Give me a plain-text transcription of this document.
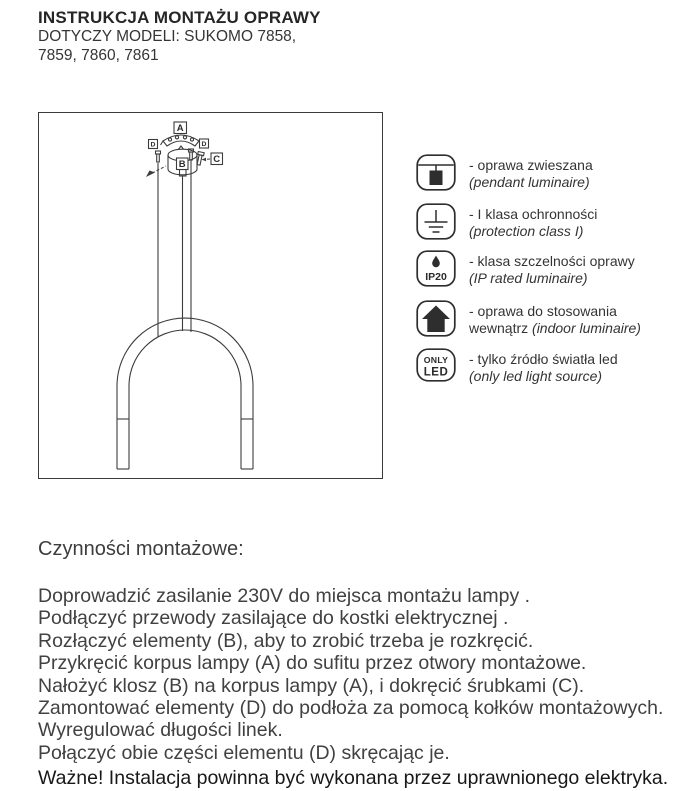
INSTRUKCJA MONTAŻU OPRAWY
DOTYCZY MODELI: SUKOMO 7858,
7859, 7860, 7861
A
B	C
D	D
- oprawa zwieszana
(pendant luminaire)
- I klasa ochronności
(protection class I)
IP20
- klasa szczelności oprawy
(IP rated luminaire)
- oprawa do stosowania
wewnątrz (indoor luminaire)
ONLY
LED
- tylko źródło światła led
(only led light source)
Czynności montażowe:
Doprowadzić zasilanie 230V do miejsca montażu lampy .
Podłączyć przewody zasilające do kostki elektrycznej .
Rozłączyć elementy (B), aby to zrobić trzeba je rozkręcić.
Przykręcić korpus lampy (A) do sufitu przez otwory montażowe.
Nałożyć klosz (B) na korpus lampy (A), i dokręcić śrubkami (C).
Zamontować elementy (D) do podłoża za pomocą kołków montażowych.
Wyregulować długości linek.
Połączyć obie części elementu (D) skręcając je.
Ważne! Instalacja powinna być wykonana przez uprawnionego elektryka.
